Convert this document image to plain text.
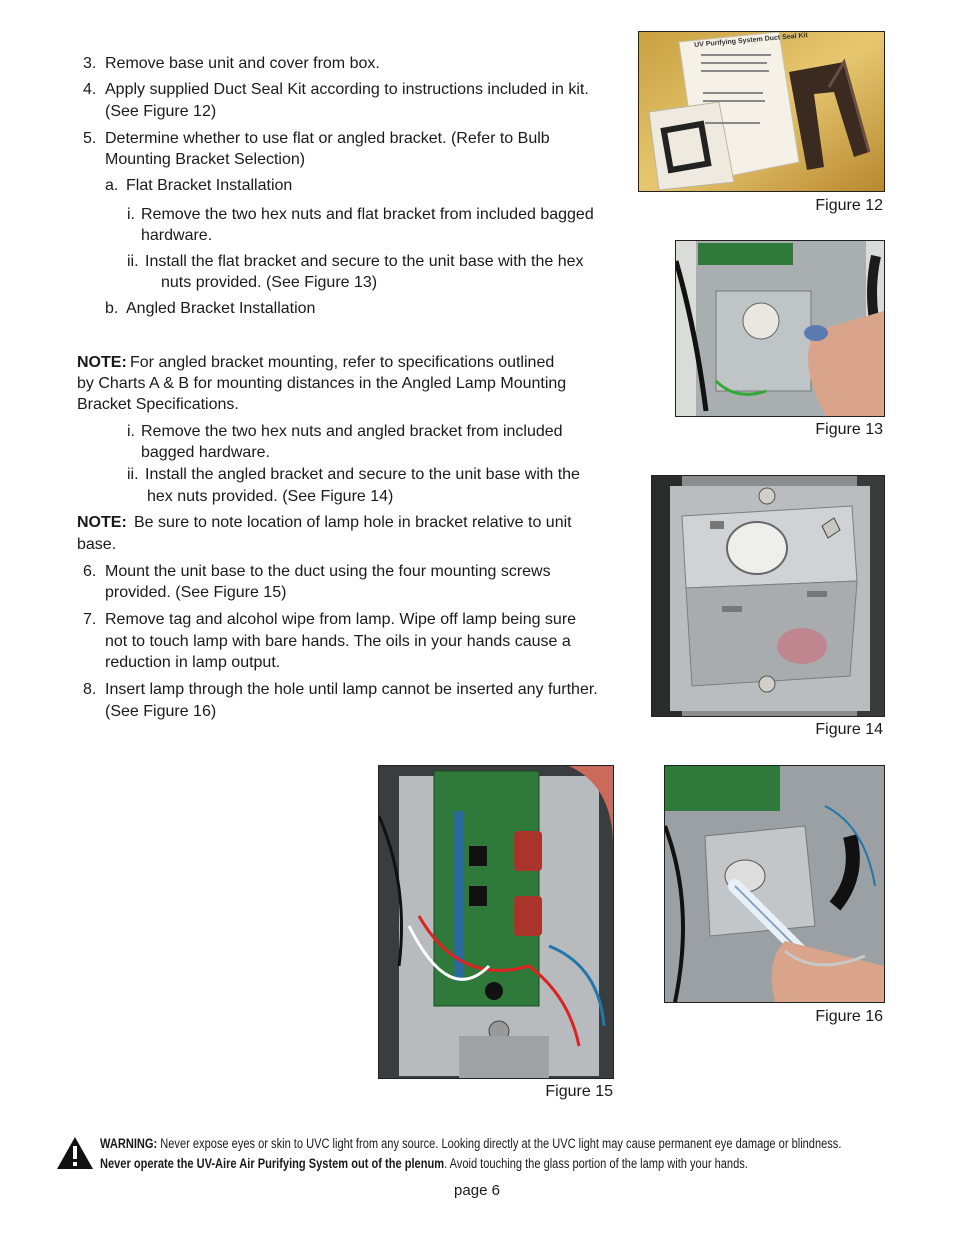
3. Remove base unit and cover from box.
4. Apply supplied Duct Seal Kit according to instructions included in kit.
(See Figure 12)
5. Determine whether to use flat or angled bracket. (Refer to Bulb
Mounting Bracket Selection)
a. Flat Bracket Installation
i. Remove the two hex nuts and flat bracket from included bagged
hardware.
ii. Install the flat bracket and secure to the unit base with the hex
nuts provided. (See Figure 13)
b. Angled Bracket Installation
NOTE: For angled bracket mounting, refer to specifications outlined
by Charts A & B for mounting distances in the Angled Lamp Mounting
Bracket Specifications.
i. Remove the two hex nuts and angled bracket from included
bagged hardware.
ii. Install the angled bracket and secure to the unit base with the
hex nuts provided. (See Figure 14)
NOTE: Be sure to note location of lamp hole in bracket relative to unit
base.
6. Mount the unit base to the duct using the four mounting screws
provided. (See Figure 15)
7. Remove tag and alcohol wipe from lamp. Wipe off lamp being sure
not to touch lamp with bare hands. The oils in your hands cause a
reduction in lamp output.
8. Insert lamp through the hole until lamp cannot be inserted any further.
(See Figure 16)
UV Purifying System Duct Seal Kit
Figure 12
Figure 13
Figure 14
Figure 15
Figure 16
WARNING: Never expose eyes or skin to UVC light from any source. Looking directly at the UVC light may cause permanent eye damage or blindness.
Never operate the UV-Aire Air Purifying System out of the plenum. Avoid touching the glass portion of the lamp with your hands.
page 6
